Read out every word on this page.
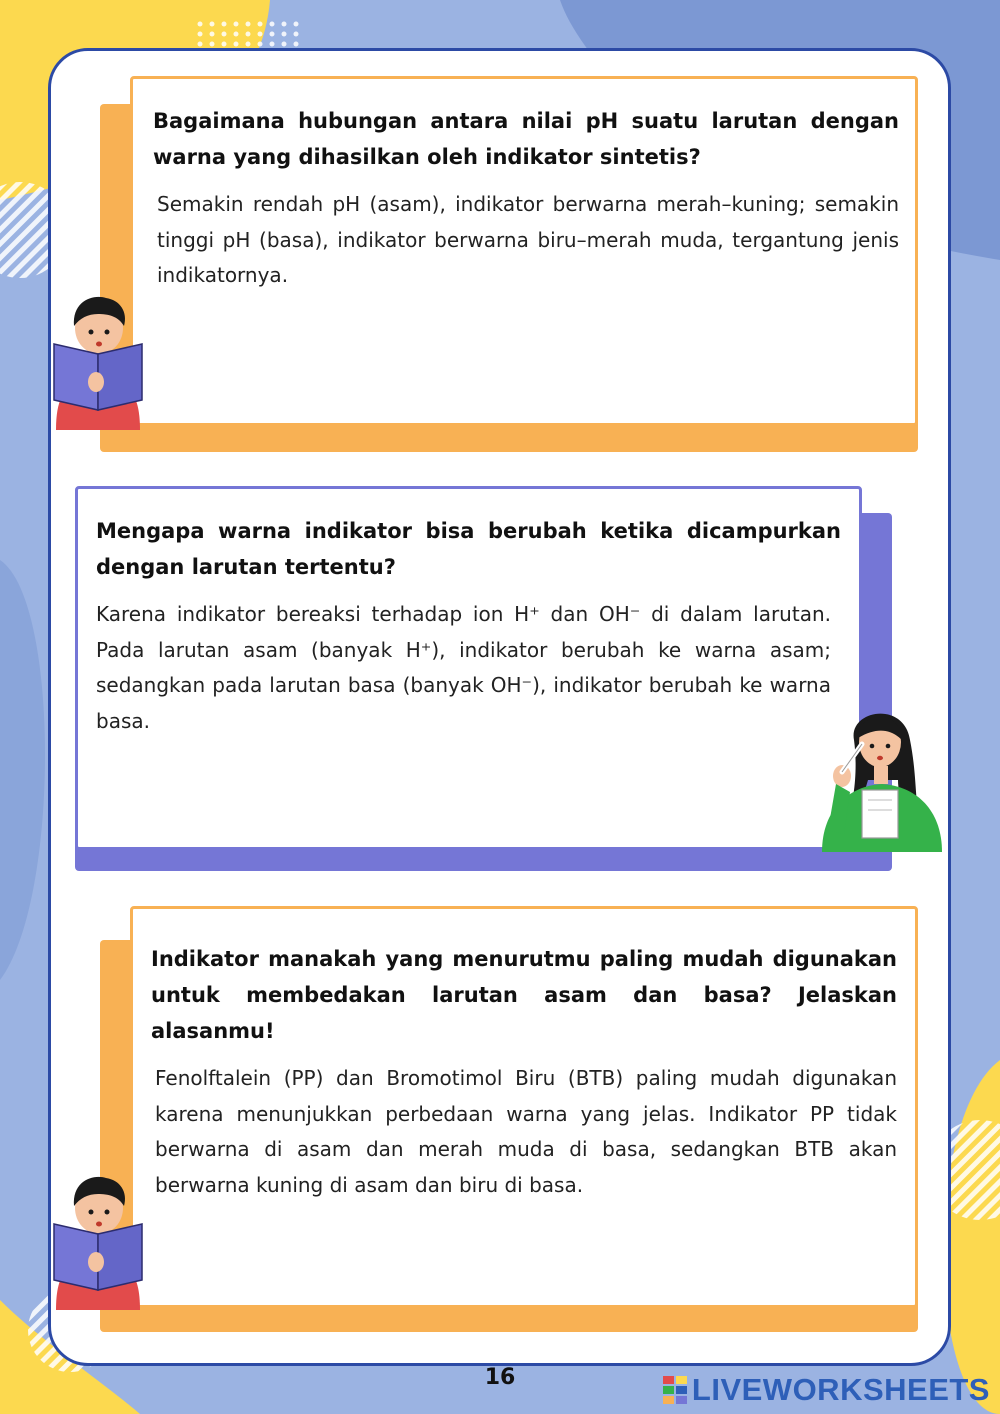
Bagaimana hubungan antara nilai pH suatu larutan dengan warna yang dihasilkan oleh indikator sintetis?

Semakin rendah pH (asam), indikator berwarna merah–kuning; semakin tinggi pH (basa), indikator berwarna biru–merah muda, tergantung jenis indikatornya.

Mengapa warna indikator bisa berubah ketika dicampurkan dengan larutan tertentu?

Karena indikator bereaksi terhadap ion H⁺ dan OH⁻ di dalam larutan. Pada larutan asam (banyak H⁺), indikator berubah ke warna asam; sedangkan pada larutan basa (banyak OH⁻), indikator berubah ke warna basa.

Indikator manakah yang menurutmu paling mudah digunakan untuk membedakan larutan asam dan basa? Jelaskan alasanmu!

Fenolftalein (PP) dan Bromotimol Biru (BTB) paling mudah digunakan karena menunjukkan perbedaan warna yang jelas. Indikator PP tidak berwarna di asam dan merah muda di basa, sedangkan BTB akan berwarna kuning di asam dan biru di basa.

16	LIVEWORKSHEETS
